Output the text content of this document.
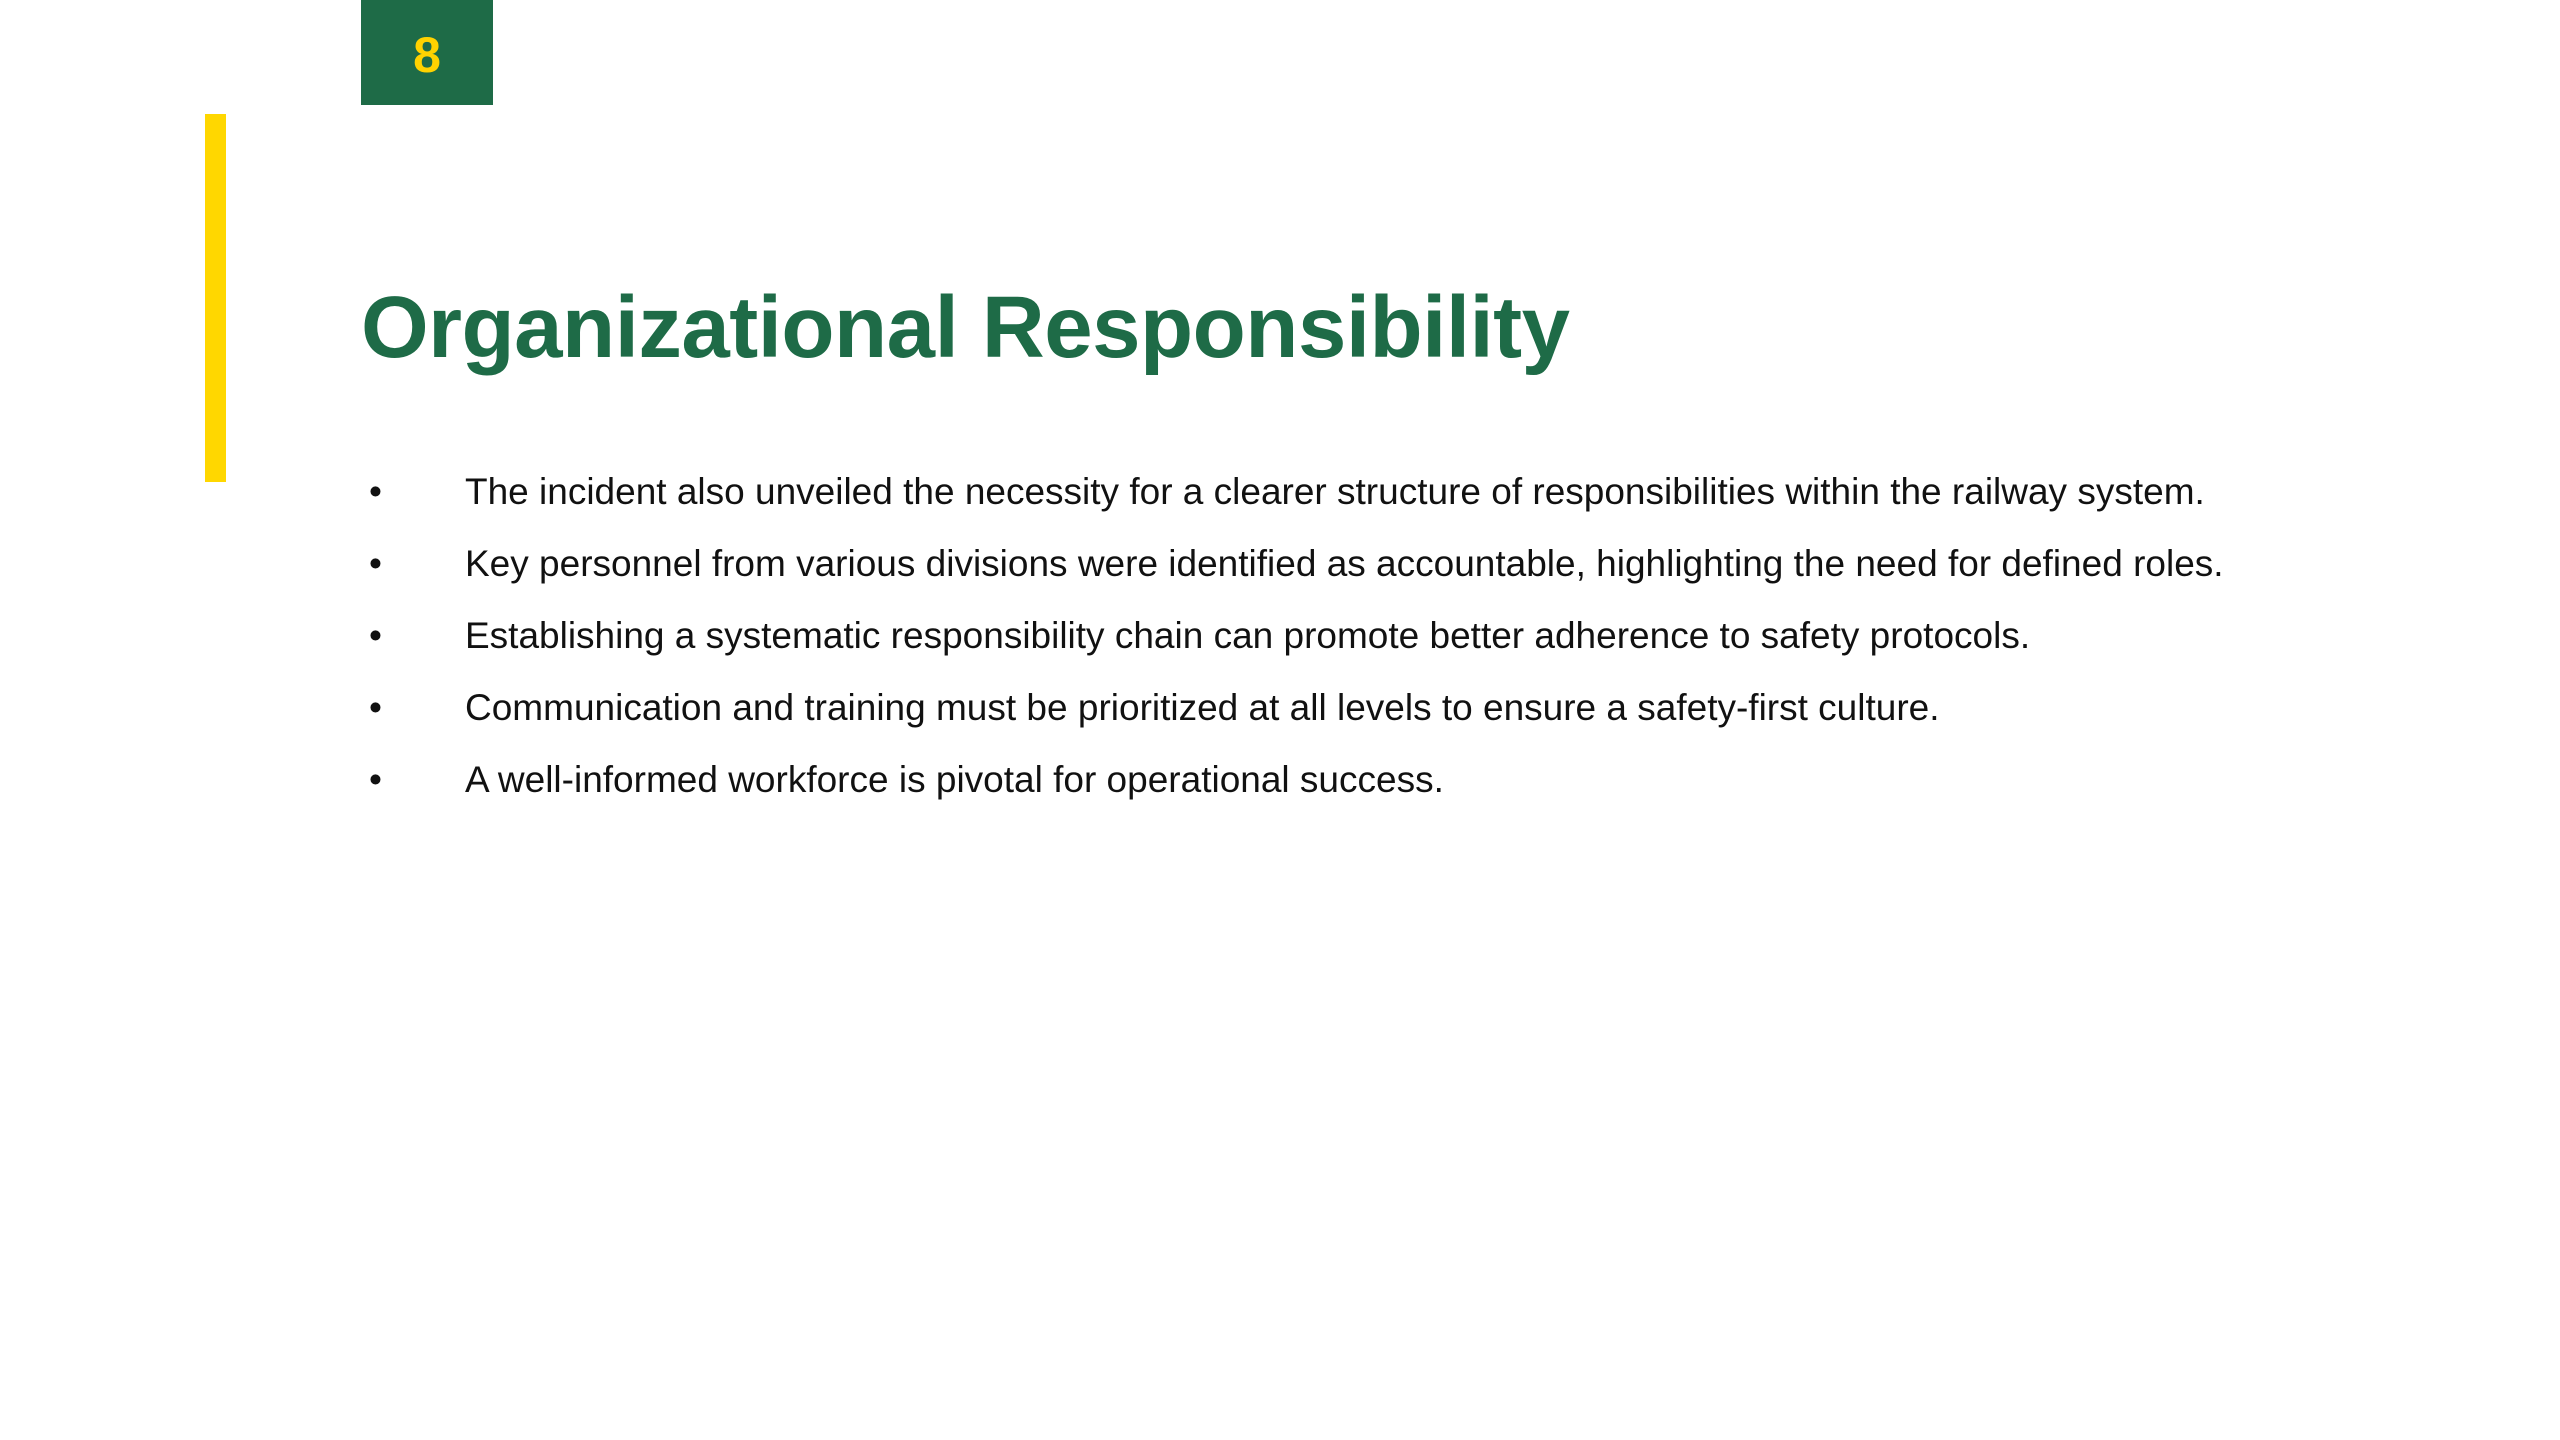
8
Organizational Responsibility
•	The incident also unveiled the necessity for a clearer structure of responsibilities within the railway system.
•	Key personnel from various divisions were identified as accountable, highlighting the need for defined roles.
•	Establishing a systematic responsibility chain can promote better adherence to safety protocols.
•	Communication and training must be prioritized at all levels to ensure a safety-first culture.
•	A well-informed workforce is pivotal for operational success.
